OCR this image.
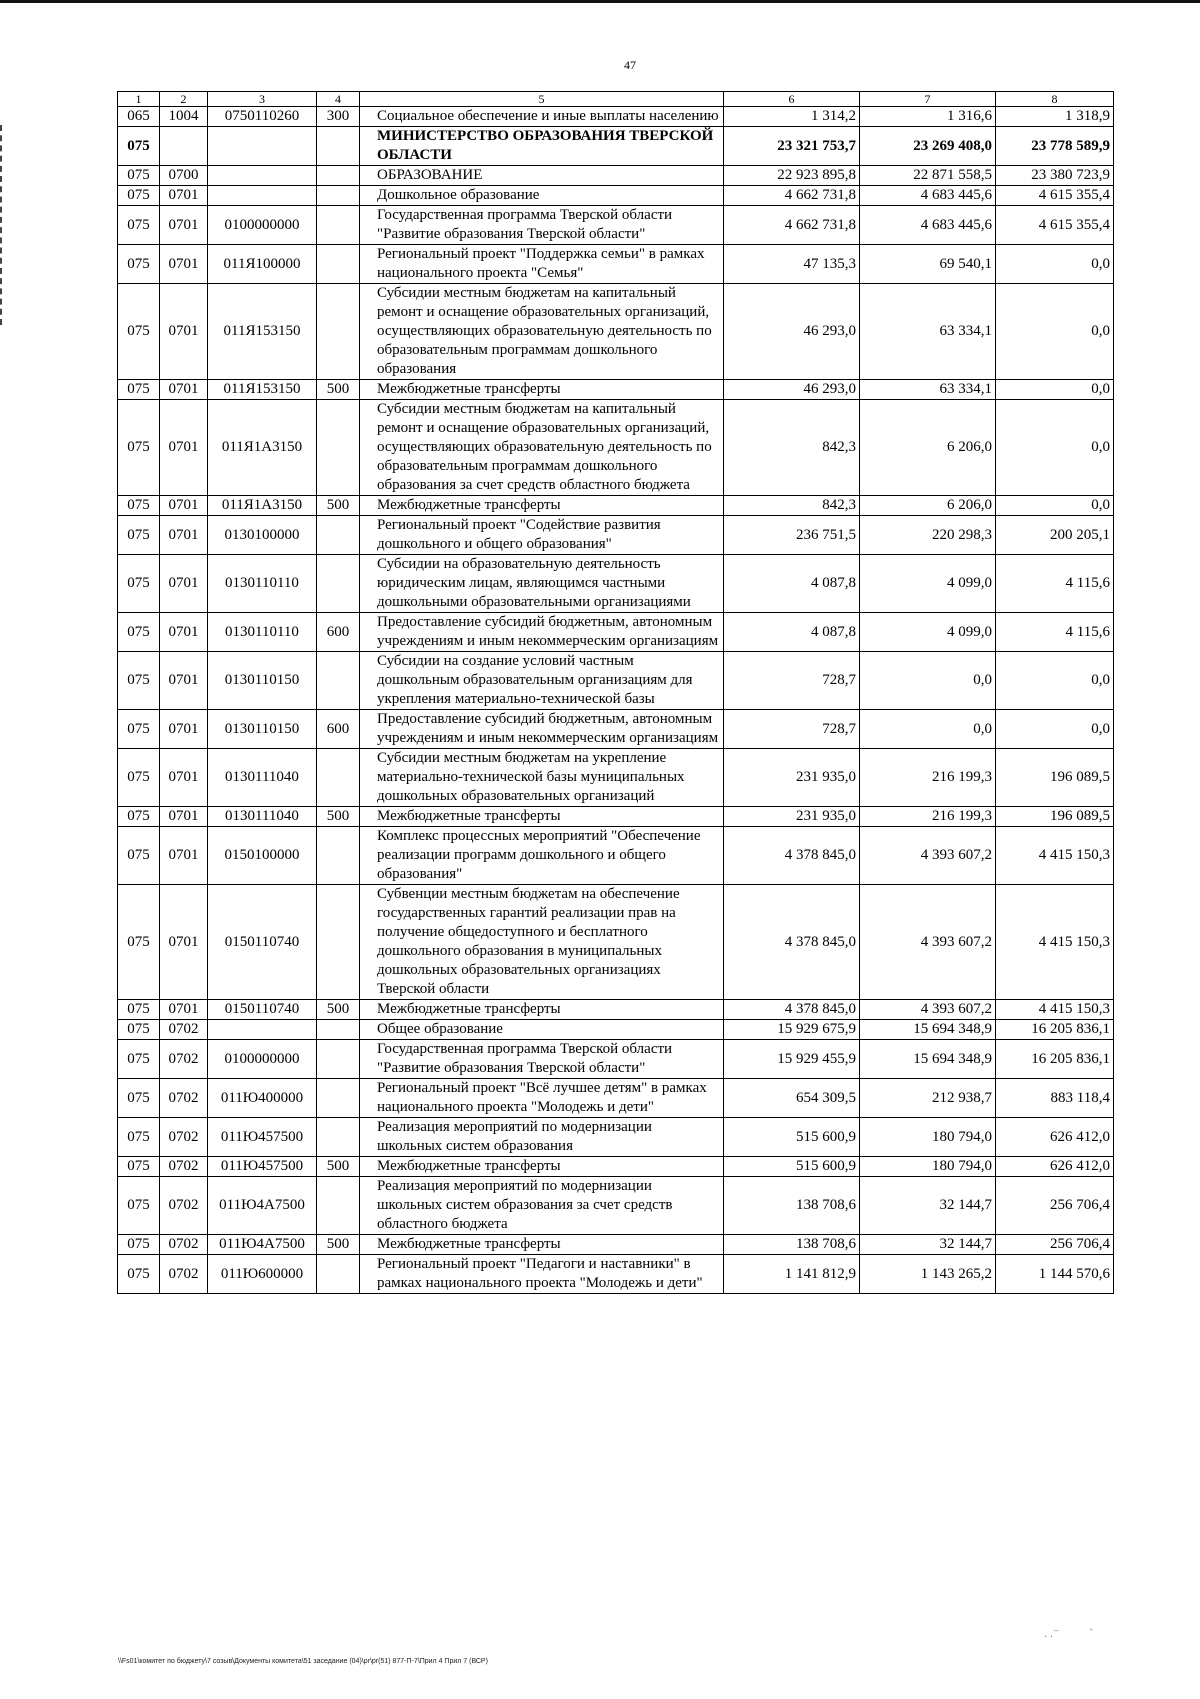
47
1	2	3	4	5	6	7	8
065	1004	0750110260	300	Социальное обеспечение и иные выплаты населению	1 314,2	1 316,6	1 318,9
075				МИНИСТЕРСТВО ОБРАЗОВАНИЯ ТВЕРСКОЙ ОБЛАСТИ	23 321 753,7	23 269 408,0	23 778 589,9
075	0700			ОБРАЗОВАНИЕ	22 923 895,8	22 871 558,5	23 380 723,9
075	0701			Дошкольное образование	4 662 731,8	4 683 445,6	4 615 355,4
075	0701	0100000000		Государственная программа Тверской области "Развитие образования Тверской области"	4 662 731,8	4 683 445,6	4 615 355,4
075	0701	011Я100000		Региональный проект "Поддержка семьи" в рамках национального проекта "Семья"	47 135,3	69 540,1	0,0
075	0701	011Я153150		Субсидии местным бюджетам на капитальный ремонт и оснащение образовательных организаций, осуществляющих образовательную деятельность по образовательным программам дошкольного образования	46 293,0	63 334,1	0,0
075	0701	011Я153150	500	Межбюджетные трансферты	46 293,0	63 334,1	0,0
075	0701	011Я1А3150		Субсидии местным бюджетам на капитальный ремонт и оснащение образовательных организаций, осуществляющих образовательную деятельность по образовательным программам дошкольного образования за счет средств областного бюджета	842,3	6 206,0	0,0
075	0701	011Я1А3150	500	Межбюджетные трансферты	842,3	6 206,0	0,0
075	0701	0130100000		Региональный проект "Содействие развития дошкольного и общего образования"	236 751,5	220 298,3	200 205,1
075	0701	0130110110		Субсидии на образовательную деятельность юридическим лицам, являющимся частными дошкольными образовательными организациями	4 087,8	4 099,0	4 115,6
075	0701	0130110110	600	Предоставление субсидий бюджетным, автономным учреждениям и иным некоммерческим организациям	4 087,8	4 099,0	4 115,6
075	0701	0130110150		Субсидии на создание условий частным дошкольным образовательным организациям для укрепления материально-технической базы	728,7	0,0	0,0
075	0701	0130110150	600	Предоставление субсидий бюджетным, автономным учреждениям и иным некоммерческим организациям	728,7	0,0	0,0
075	0701	0130111040		Субсидии местным бюджетам на укрепление материально-технической базы муниципальных дошкольных образовательных организаций	231 935,0	216 199,3	196 089,5
075	0701	0130111040	500	Межбюджетные трансферты	231 935,0	216 199,3	196 089,5
075	0701	0150100000		Комплекс процессных мероприятий "Обеспечение реализации программ дошкольного и общего образования"	4 378 845,0	4 393 607,2	4 415 150,3
075	0701	0150110740		Субвенции местным бюджетам на обеспечение государственных гарантий реализации прав на получение общедоступного и бесплатного дошкольного образования в муниципальных дошкольных образовательных организациях Тверской области	4 378 845,0	4 393 607,2	4 415 150,3
075	0701	0150110740	500	Межбюджетные трансферты	4 378 845,0	4 393 607,2	4 415 150,3
075	0702			Общее образование	15 929 675,9	15 694 348,9	16 205 836,1
075	0702	0100000000		Государственная программа Тверской области "Развитие образования Тверской области"	15 929 455,9	15 694 348,9	16 205 836,1
075	0702	011Ю400000		Региональный проект "Всё лучшее детям" в рамках национального проекта "Молодежь и дети"	654 309,5	212 938,7	883 118,4
075	0702	011Ю457500		Реализация мероприятий по модернизации школьных систем образования	515 600,9	180 794,0	626 412,0
075	0702	011Ю457500	500	Межбюджетные трансферты	515 600,9	180 794,0	626 412,0
075	0702	011Ю4А7500		Реализация мероприятий по модернизации школьных систем образования за счет средств областного бюджета	138 708,6	32 144,7	256 706,4
075	0702	011Ю4А7500	500	Межбюджетные трансферты	138 708,6	32 144,7	256 706,4
075	0702	011Ю600000		Региональный проект "Педагоги и наставники" в рамках национального проекта "Молодежь и дети"	1 141 812,9	1 143 265,2	1 144 570,6
\\Fs01\комитет по бюджету\7 созыв\Документы комитета\51 заседание (04)\pr\pr(51) 877-П-7\Прил 4 Прил 7 (ВСР)
. .⁻          `
